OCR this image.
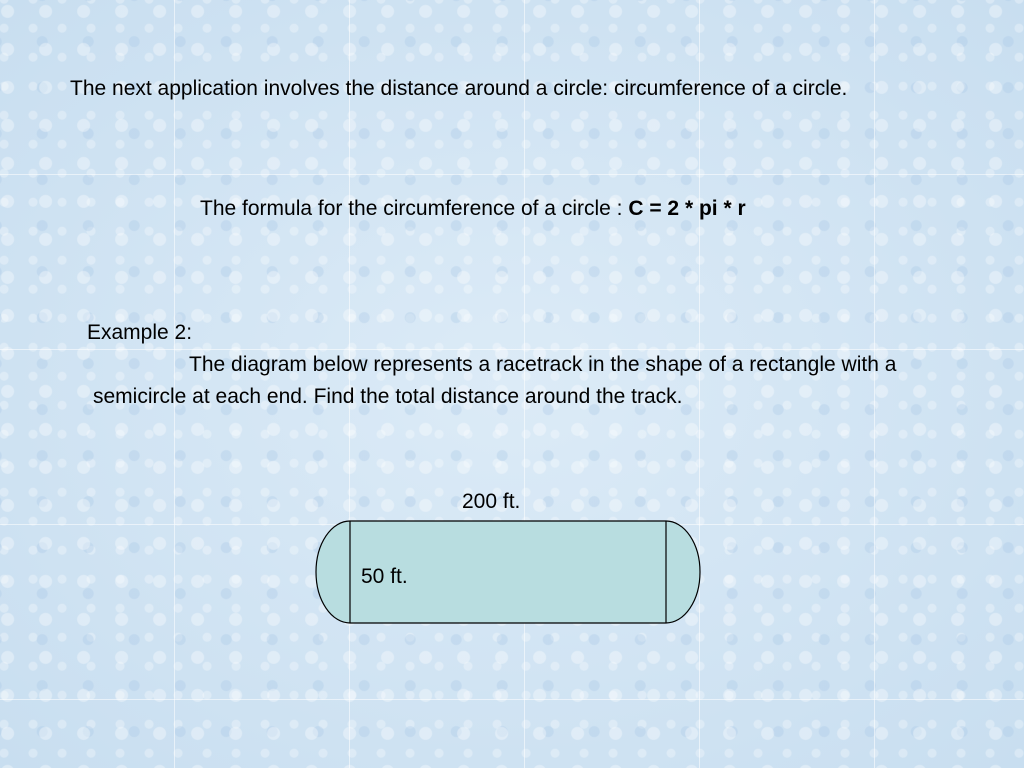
The next application involves the distance around a circle: circumference of a circle.

The formula for the circumference of a circle : C = 2 * pi * r

Example 2:

The diagram below represents a racetrack in the shape of a rectangle with a semicircle at each end. Find the total distance around the track.

200 ft.
50 ft.
